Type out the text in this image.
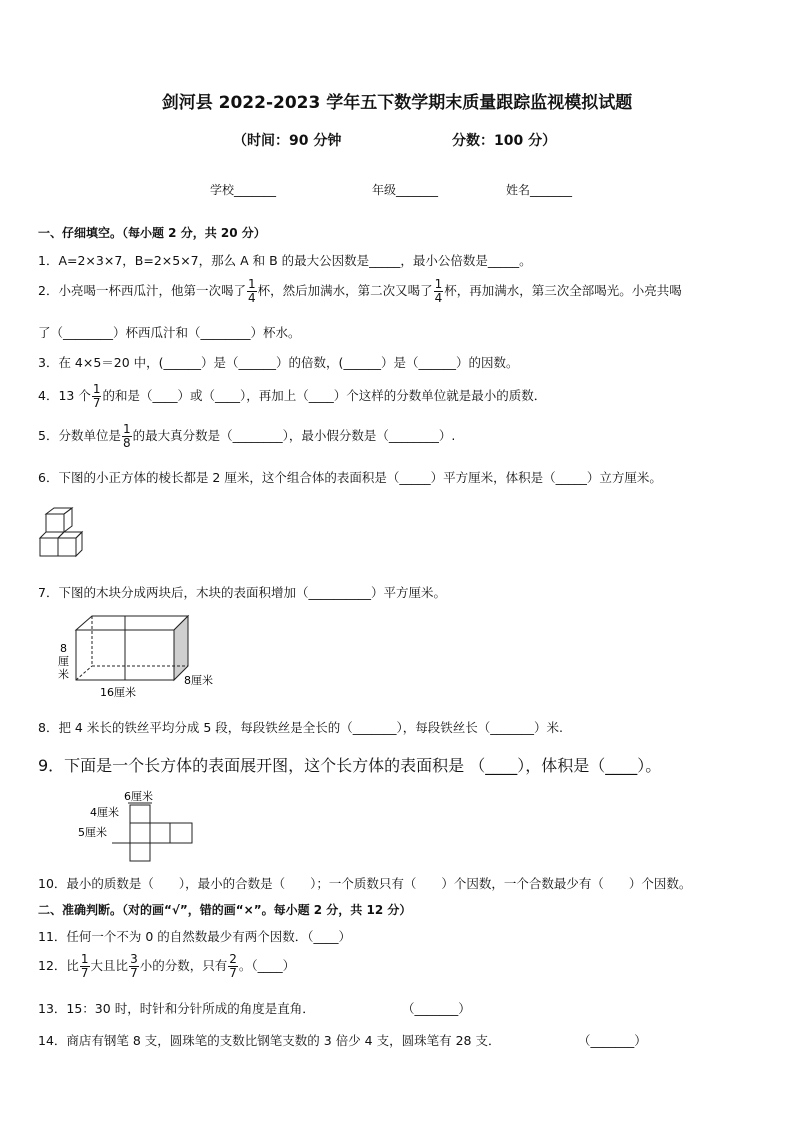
剑河县 2022-2023 学年五下数学期末质量跟踪监视模拟试题
（时间：90 分钟	分数：100 分）
学校_______	年级_______	姓名_______
一、仔细填空。（每小题 2 分，共 20 分）
1．A=2×3×7，B=2×5×7，那么 A 和 B 的最大公因数是_____，最小公倍数是_____。
2．小亮喝一杯西瓜汁，他第一次喝了 $\frac{1}{4}$ 杯，然后加满水，第二次又喝了 $\frac{1}{4}$ 杯，再加满水，第三次全部喝光。小亮共喝
了（________）杯西瓜汁和（________）杯水。
3．在 4×5＝20 中，(______）是（______）的倍数，(______）是（______）的因数。
4．13 个 $\frac{1}{7}$ 的和是（____）或（____），再加上（____）个这样的分数单位就是最小的质数．
5．分数单位是 $\frac{1}{8}$ 的最大真分数是（________），最小假分数是（________）.
6．下图的小正方体的棱长都是 2 厘米，这个组合体的表面积是（_____）平方厘米，体积是（_____）立方厘米。
7．下图的木块分成两块后，木块的表面积增加（__________）平方厘米。
8
厘
米
16厘米
8厘米
8．把 4 米长的铁丝平均分成 5 段，每段铁丝是全长的（_______），每段铁丝长（_______）米.
9．下面是一个长方体的表面展开图，这个长方体的表面积是 （____），体积是（____）。
6厘米
4厘米
5厘米
10．最小的质数是（　　），最小的合数是（　　）；一个质数只有（　　）个因数，一个合数最少有（　　）个因数。
二、准确判断。（对的画“√”，错的画“×”。每小题 2 分，共 12 分）
11．任何一个不为 0 的自然数最少有两个因数．（____）
12．比 $\frac{1}{7}$ 大且比 $\frac{3}{7}$ 小的分数，只有 $\frac{2}{7}$ 。（____）
13．15：30 时，时针和分针所成的角度是直角．	（_______）
14．商店有钢笔 8 支，圆珠笔的支数比钢笔支数的 3 倍少 4 支，圆珠笔有 28 支．	（_______）
